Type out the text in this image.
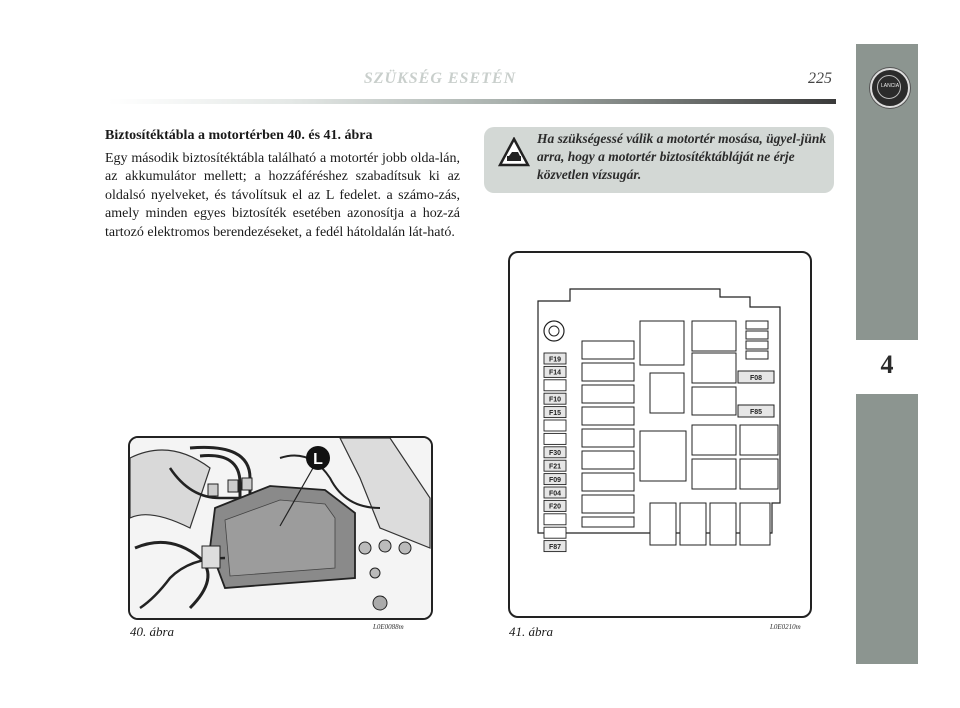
LANCIA
4
SZÜKSÉG ESETÉN	225
Biztosítéktábla a motortérben 40. és 41. ábra
Egy második biztosítéktábla található a motortér jobb olda-lán, az akkumulátor mellett; a hozzáféréshez szabadítsuk ki az oldalsó nyelveket, és távolítsuk el az L fedelet. a számo-zás, amely minden egyes biztosíték esetében azonosítja a hoz-zá tartozó elektromos berendezéseket, a fedél hátoldalán lát-ható.
Ha szükségessé válik a motortér mosása, ügyel-jünk arra, hogy a motortér biztosítéktábláját ne érje közvetlen vízsugár.
L
40. ábra	L0E0088m
F19
F14
F10
F15
F30
F21
F09
F04
F20
F87
F08
F85
41. ábra	L0E0210m
